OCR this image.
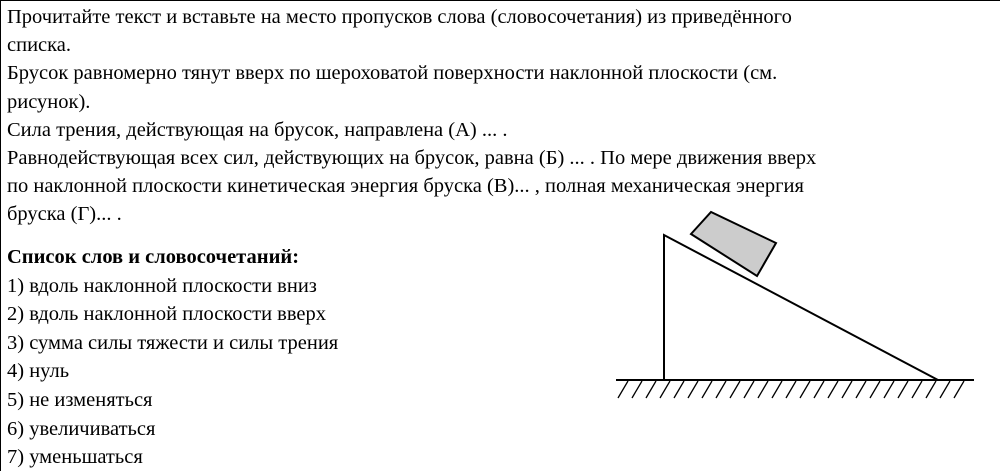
Прочитайте текст и вставьте на место пропусков слова (словосочетания) из приведённого
списка.
Брусок равномерно тянут вверх по шероховатой поверхности наклонной плоскости (см.
рисунок).
Сила трения, действующая на брусок, направлена (А) ... .
Равнодействующая всех сил, действующих на брусок, равна (Б) ... . По мере движения вверх
по наклонной плоскости кинетическая энергия бруска (В)... , полная механическая энергия
бруска (Г)... .
Список слов и словосочетаний:
1) вдоль наклонной плоскости вниз
2) вдоль наклонной плоскости вверх
3) сумма силы тяжести и силы трения
4) нуль
5) не изменяться
6) увеличиваться
7) уменьшаться
